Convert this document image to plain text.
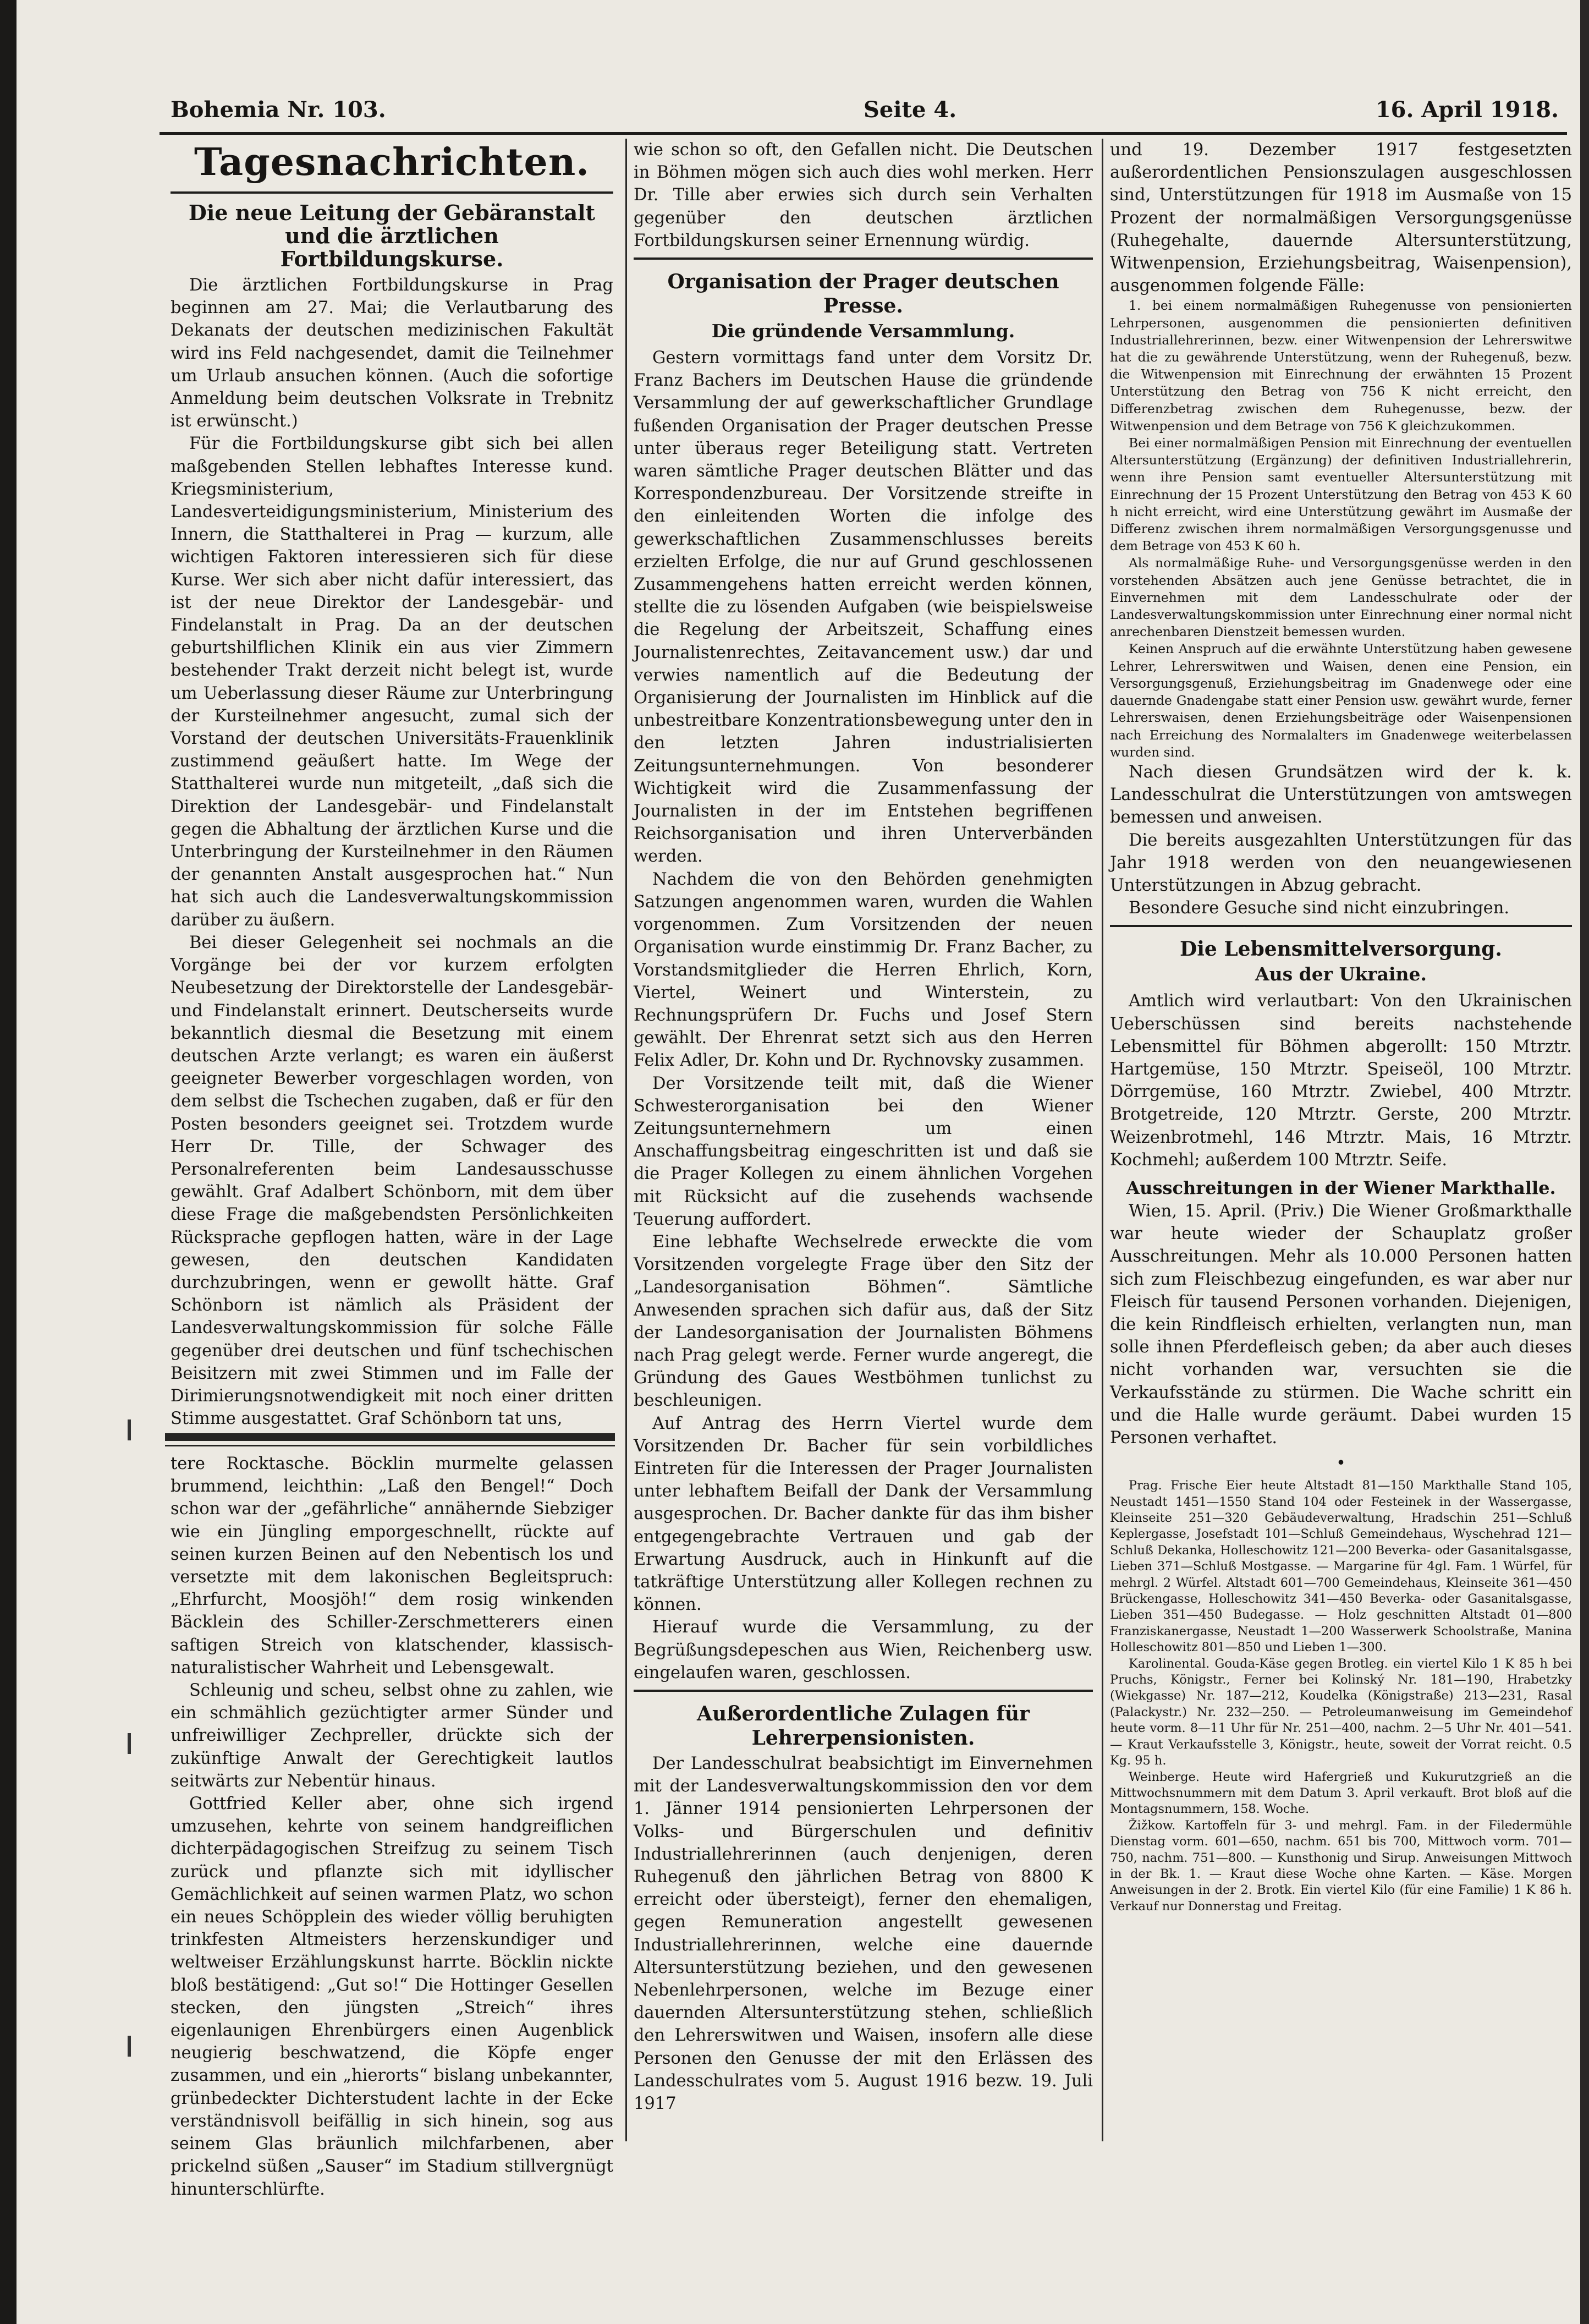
Bohemia Nr. 103.	Seite 4.	16. April 1918.
Tagesnachrichten.
Die neue Leitung der Gebäranstalt und die ärztlichen Fortbildungskurse.

Die ärztlichen Fortbildungskurse in Prag beginnen am 27. Mai; die Verlautbarung des Dekanats der deutschen medizinischen Fakultät wird ins Feld nachgesendet, damit die Teilnehmer um Urlaub ansuchen können. (Auch die sofortige Anmeldung beim deutschen Volksrate in Trebnitz ist erwünscht.)

Für die Fortbildungskurse gibt sich bei allen maßgebenden Stellen lebhaftes Interesse kund. Kriegsministerium, Landesverteidigungsministerium, Ministerium des Innern, die Statthalterei in Prag — kurzum, alle wichtigen Faktoren interessieren sich für diese Kurse. Wer sich aber nicht dafür interessiert, das ist der neue Direktor der Landesgebär- und Findelanstalt in Prag. Da an der deutschen geburtshilflichen Klinik ein aus vier Zimmern bestehender Trakt derzeit nicht belegt ist, wurde um Ueberlassung dieser Räume zur Unterbringung der Kursteilnehmer angesucht, zumal sich der Vorstand der deutschen Universitäts-Frauenklinik zustimmend geäußert hatte. Im Wege der Statthalterei wurde nun mitgeteilt, „daß sich die Direktion der Landesgebär- und Findelanstalt gegen die Abhaltung der ärztlichen Kurse und die Unterbringung der Kursteilnehmer in den Räumen der genannten Anstalt ausgesprochen hat.“ Nun hat sich auch die Landesverwaltungskommission darüber zu äußern.

Bei dieser Gelegenheit sei nochmals an die Vorgänge bei der vor kurzem erfolgten Neubesetzung der Direktorstelle der Landesgebär- und Findelanstalt erinnert. Deutscherseits wurde bekanntlich diesmal die Besetzung mit einem deutschen Arzte verlangt; es waren ein äußerst geeigneter Bewerber vorgeschlagen worden, von dem selbst die Tschechen zugaben, daß er für den Posten besonders geeignet sei. Trotzdem wurde Herr Dr. Tille, der Schwager des Personalreferenten beim Landesausschusse gewählt. Graf Adalbert Schönborn, mit dem über diese Frage die maßgebendsten Persönlichkeiten Rücksprache gepflogen hatten, wäre in der Lage gewesen, den deutschen Kandidaten durchzubringen, wenn er gewollt hätte. Graf Schönborn ist nämlich als Präsident der Landesverwaltungskommission für solche Fälle gegenüber drei deutschen und fünf tschechischen Beisitzern mit zwei Stimmen und im Falle der Dirimierungsnotwendigkeit mit noch einer dritten Stimme ausgestattet. Graf Schönborn tat uns,

tere Rocktasche. Böcklin murmelte gelassen brummend, leichthin: „Laß den Bengel!“ Doch schon war der „gefährliche“ annähernde Siebziger wie ein Jüngling emporgeschnellt, rückte auf seinen kurzen Beinen auf den Nebentisch los und versetzte mit dem lakonischen Begleitspruch: „Ehrfurcht, Moosjöh!“ dem rosig winkenden Bäcklein des Schiller-Zerschmetterers einen saftigen Streich von klatschender, klassisch-naturalistischer Wahrheit und Lebensgewalt.

Schleunig und scheu, selbst ohne zu zahlen, wie ein schmählich gezüchtigter armer Sünder und unfreiwilliger Zechpreller, drückte sich der zukünftige Anwalt der Gerechtigkeit lautlos seitwärts zur Nebentür hinaus.

Gottfried Keller aber, ohne sich irgend umzusehen, kehrte von seinem handgreiflichen dichterpädagogischen Streifzug zu seinem Tisch zurück und pflanzte sich mit idyllischer Gemächlichkeit auf seinen warmen Platz, wo schon ein neues Schöpplein des wieder völlig beruhigten trinkfesten Altmeisters herzenskundiger und weltweiser Erzählungskunst harrte. Böcklin nickte bloß bestätigend: „Gut so!“ Die Hottinger Gesellen stecken, den jüngsten „Streich“ ihres eigenlaunigen Ehrenbürgers einen Augenblick neugierig beschwatzend, die Köpfe enger zusammen, und ein „hierorts“ bislang unbekannter, grünbedeckter Dichterstudent lachte in der Ecke verständnisvoll beifällig in sich hinein, sog aus seinem Glas bräunlich milchfarbenen, aber prickelnd süßen „Sauser“ im Stadium stillvergnügt hinunterschlürfte.

wie schon so oft, den Gefallen nicht. Die Deutschen in Böhmen mögen sich auch dies wohl merken. Herr Dr. Tille aber erwies sich durch sein Verhalten gegenüber den deutschen ärztlichen Fortbildungskursen seiner Ernennung würdig.

Organisation der Prager deutschen Presse.
Die gründende Versammlung.

Gestern vormittags fand unter dem Vorsitz Dr. Franz Bachers im Deutschen Hause die gründende Versammlung der auf gewerkschaftlicher Grundlage fußenden Organisation der Prager deutschen Presse unter überaus reger Beteiligung statt. Vertreten waren sämtliche Prager deutschen Blätter und das Korrespondenzbureau. Der Vorsitzende streifte in den einleitenden Worten die infolge des gewerkschaftlichen Zusammenschlusses bereits erzielten Erfolge, die nur auf Grund geschlossenen Zusammengehens hatten erreicht werden können, stellte die zu lösenden Aufgaben (wie beispielsweise die Regelung der Arbeitszeit, Schaffung eines Journalistenrechtes, Zeitavancement usw.) dar und verwies namentlich auf die Bedeutung der Organisierung der Journalisten im Hinblick auf die unbestreitbare Konzentrationsbewegung unter den in den letzten Jahren industrialisierten Zeitungsunternehmungen. Von besonderer Wichtigkeit wird die Zusammenfassung der Journalisten in der im Entstehen begriffenen Reichsorganisation und ihren Unterverbänden werden.

Nachdem die von den Behörden genehmigten Satzungen angenommen waren, wurden die Wahlen vorgenommen. Zum Vorsitzenden der neuen Organisation wurde einstimmig Dr. Franz Bacher, zu Vorstandsmitglieder die Herren Ehrlich, Korn, Viertel, Weinert und Winterstein, zu Rechnungsprüfern Dr. Fuchs und Josef Stern gewählt. Der Ehrenrat setzt sich aus den Herren Felix Adler, Dr. Kohn und Dr. Rychnovsky zusammen.

Der Vorsitzende teilt mit, daß die Wiener Schwesterorganisation bei den Wiener Zeitungsunternehmern um einen Anschaffungsbeitrag eingeschritten ist und daß sie die Prager Kollegen zu einem ähnlichen Vorgehen mit Rücksicht auf die zusehends wachsende Teuerung auffordert.

Eine lebhafte Wechselrede erweckte die vom Vorsitzenden vorgelegte Frage über den Sitz der „Landesorganisation Böhmen“. Sämtliche Anwesenden sprachen sich dafür aus, daß der Sitz der Landesorganisation der Journalisten Böhmens nach Prag gelegt werde. Ferner wurde angeregt, die Gründung des Gaues Westböhmen tunlichst zu beschleunigen.

Auf Antrag des Herrn Viertel wurde dem Vorsitzenden Dr. Bacher für sein vorbildliches Eintreten für die Interessen der Prager Journalisten unter lebhaftem Beifall der Dank der Versammlung ausgesprochen. Dr. Bacher dankte für das ihm bisher entgegengebrachte Vertrauen und gab der Erwartung Ausdruck, auch in Hinkunft auf die tatkräftige Unterstützung aller Kollegen rechnen zu können.

Hierauf wurde die Versammlung, zu der Begrüßungsdepeschen aus Wien, Reichenberg usw. eingelaufen waren, geschlossen.

Außerordentliche Zulagen für Lehrerpensionisten.

Der Landesschulrat beabsichtigt im Einvernehmen mit der Landesverwaltungskommission den vor dem 1. Jänner 1914 pensionierten Lehrpersonen der Volks- und Bürgerschulen und definitiv Industriallehrerinnen (auch denjenigen, deren Ruhegenuß den jährlichen Betrag von 8800 K erreicht oder übersteigt), ferner den ehemaligen, gegen Remuneration angestellt gewesenen Industriallehrerinnen, welche eine dauernde Altersunterstützung beziehen, und den gewesenen Nebenlehrpersonen, welche im Bezuge einer dauernden Altersunterstützung stehen, schließlich den Lehrerswitwen und Waisen, insofern alle diese Personen den Genusse der mit den Erlässen des Landesschulrates vom 5. August 1916 bezw. 19. Juli 1917

und 19. Dezember 1917 festgesetzten außerordentlichen Pensionszulagen ausgeschlossen sind, Unterstützungen für 1918 im Ausmaße von 15 Prozent der normalmäßigen Versorgungsgenüsse (Ruhegehalte, dauernde Altersunterstützung, Witwenpension, Erziehungsbeitrag, Waisenpension), ausgenommen folgende Fälle:

1. bei einem normalmäßigen Ruhegenusse von pensionierten Lehrpersonen, ausgenommen die pensionierten definitiven Industriallehrerinnen, bezw. einer Witwenpension der Lehrerswitwe hat die zu gewährende Unterstützung, wenn der Ruhegenuß, bezw. die Witwenpension mit Einrechnung der erwähnten 15 Prozent Unterstützung den Betrag von 756 K nicht erreicht, den Differenzbetrag zwischen dem Ruhegenusse, bezw. der Witwenpension und dem Betrage von 756 K gleichzukommen.

Bei einer normalmäßigen Pension mit Einrechnung der eventuellen Altersunterstützung (Ergänzung) der definitiven Industriallehrerin, wenn ihre Pension samt eventueller Altersunterstützung mit Einrechnung der 15 Prozent Unterstützung den Betrag von 453 K 60 h nicht erreicht, wird eine Unterstützung gewährt im Ausmaße der Differenz zwischen ihrem normalmäßigen Versorgungsgenusse und dem Betrage von 453 K 60 h.

Als normalmäßige Ruhe- und Versorgungsgenüsse werden in den vorstehenden Absätzen auch jene Genüsse betrachtet, die in Einvernehmen mit dem Landesschulrate oder der Landesverwaltungskommission unter Einrechnung einer normal nicht anrechenbaren Dienstzeit bemessen wurden.

Keinen Anspruch auf die erwähnte Unterstützung haben gewesene Lehrer, Lehrerswitwen und Waisen, denen eine Pension, ein Versorgungsgenuß, Erziehungsbeitrag im Gnadenwege oder eine dauernde Gnadengabe statt einer Pension usw. gewährt wurde, ferner Lehrerswaisen, denen Erziehungsbeiträge oder Waisenpensionen nach Erreichung des Normalalters im Gnadenwege weiterbelassen wurden sind.

Nach diesen Grundsätzen wird der k. k. Landesschulrat die Unterstützungen von amtswegen bemessen und anweisen.

Die bereits ausgezahlten Unterstützungen für das Jahr 1918 werden von den neuangewiesenen Unterstützungen in Abzug gebracht.

Besondere Gesuche sind nicht einzubringen.

Die Lebensmittelversorgung.
Aus der Ukraine.

Amtlich wird verlautbart: Von den Ukrainischen Ueberschüssen sind bereits nachstehende Lebensmittel für Böhmen abgerollt: 150 Mtrztr. Hartgemüse, 150 Mtrztr. Speiseöl, 100 Mtrztr. Dörrgemüse, 160 Mtrztr. Zwiebel, 400 Mtrztr. Brotgetreide, 120 Mtrztr. Gerste, 200 Mtrztr. Weizenbrotmehl, 146 Mtrztr. Mais, 16 Mtrztr. Kochmehl; außerdem 100 Mtrztr. Seife.

Ausschreitungen in der Wiener Markthalle.

Wien, 15. April. (Priv.) Die Wiener Großmarkthalle war heute wieder der Schauplatz großer Ausschreitungen. Mehr als 10.000 Personen hatten sich zum Fleischbezug eingefunden, es war aber nur Fleisch für tausend Personen vorhanden. Diejenigen, die kein Rindfleisch erhielten, verlangten nun, man solle ihnen Pferdefleisch geben; da aber auch dieses nicht vorhanden war, versuchten sie die Verkaufsstände zu stürmen. Die Wache schritt ein und die Halle wurde geräumt. Dabei wurden 15 Personen verhaftet.

•

Prag. Frische Eier heute Altstadt 81—150 Markthalle Stand 105, Neustadt 1451—1550 Stand 104 oder Festeinek in der Wassergasse, Kleinseite 251—320 Gebäudeverwaltung, Hradschin 251—Schluß Keplergasse, Josefstadt 101—Schluß Gemeindehaus, Wyschehrad 121—Schluß Dekanka, Holleschowitz 121—200 Beverka- oder Gasanitalsgasse, Lieben 371—Schluß Mostgasse. — Margarine für 4gl. Fam. 1 Würfel, für mehrgl. 2 Würfel. Altstadt 601—700 Gemeindehaus, Kleinseite 361—450 Brückengasse, Holleschowitz 341—450 Beverka- oder Gasanitalsgasse, Lieben 351—450 Budegasse. — Holz geschnitten Altstadt 01—800 Franziskanergasse, Neustadt 1—200 Wasserwerk Schoolstraße, Manina Holleschowitz 801—850 und Lieben 1—300.

Karolinental. Gouda-Käse gegen Brotleg. ein viertel Kilo 1 K 85 h bei Pruchs, Königstr., Ferner bei Kolinský Nr. 181—190, Hrabetzky (Wiekgasse) Nr. 187—212, Koudelka (Königstraße) 213—231, Rasal (Palackystr.) Nr. 232—250. — Petroleumanweisung im Gemeindehof heute vorm. 8—11 Uhr für Nr. 251—400, nachm. 2—5 Uhr Nr. 401—541. — Kraut Verkaufsstelle 3, Königstr., heute, soweit der Vorrat reicht. 0.5 Kg. 95 h.

Weinberge. Heute wird Hafergrieß und Kukurutzgrieß an die Mittwochsnummern mit dem Datum 3. April verkauft. Brot bloß auf die Montagsnummern, 158. Woche.

Žižkow. Kartoffeln für 3- und mehrgl. Fam. in der Filedermühle Dienstag vorm. 601—650, nachm. 651 bis 700, Mittwoch vorm. 701—750, nachm. 751—800. — Kunsthonig und Sirup. Anweisungen Mittwoch in der Bk. 1. — Kraut diese Woche ohne Karten. — Käse. Morgen Anweisungen in der 2. Brotk. Ein viertel Kilo (für eine Familie) 1 K 86 h. Verkauf nur Donnerstag und Freitag.
